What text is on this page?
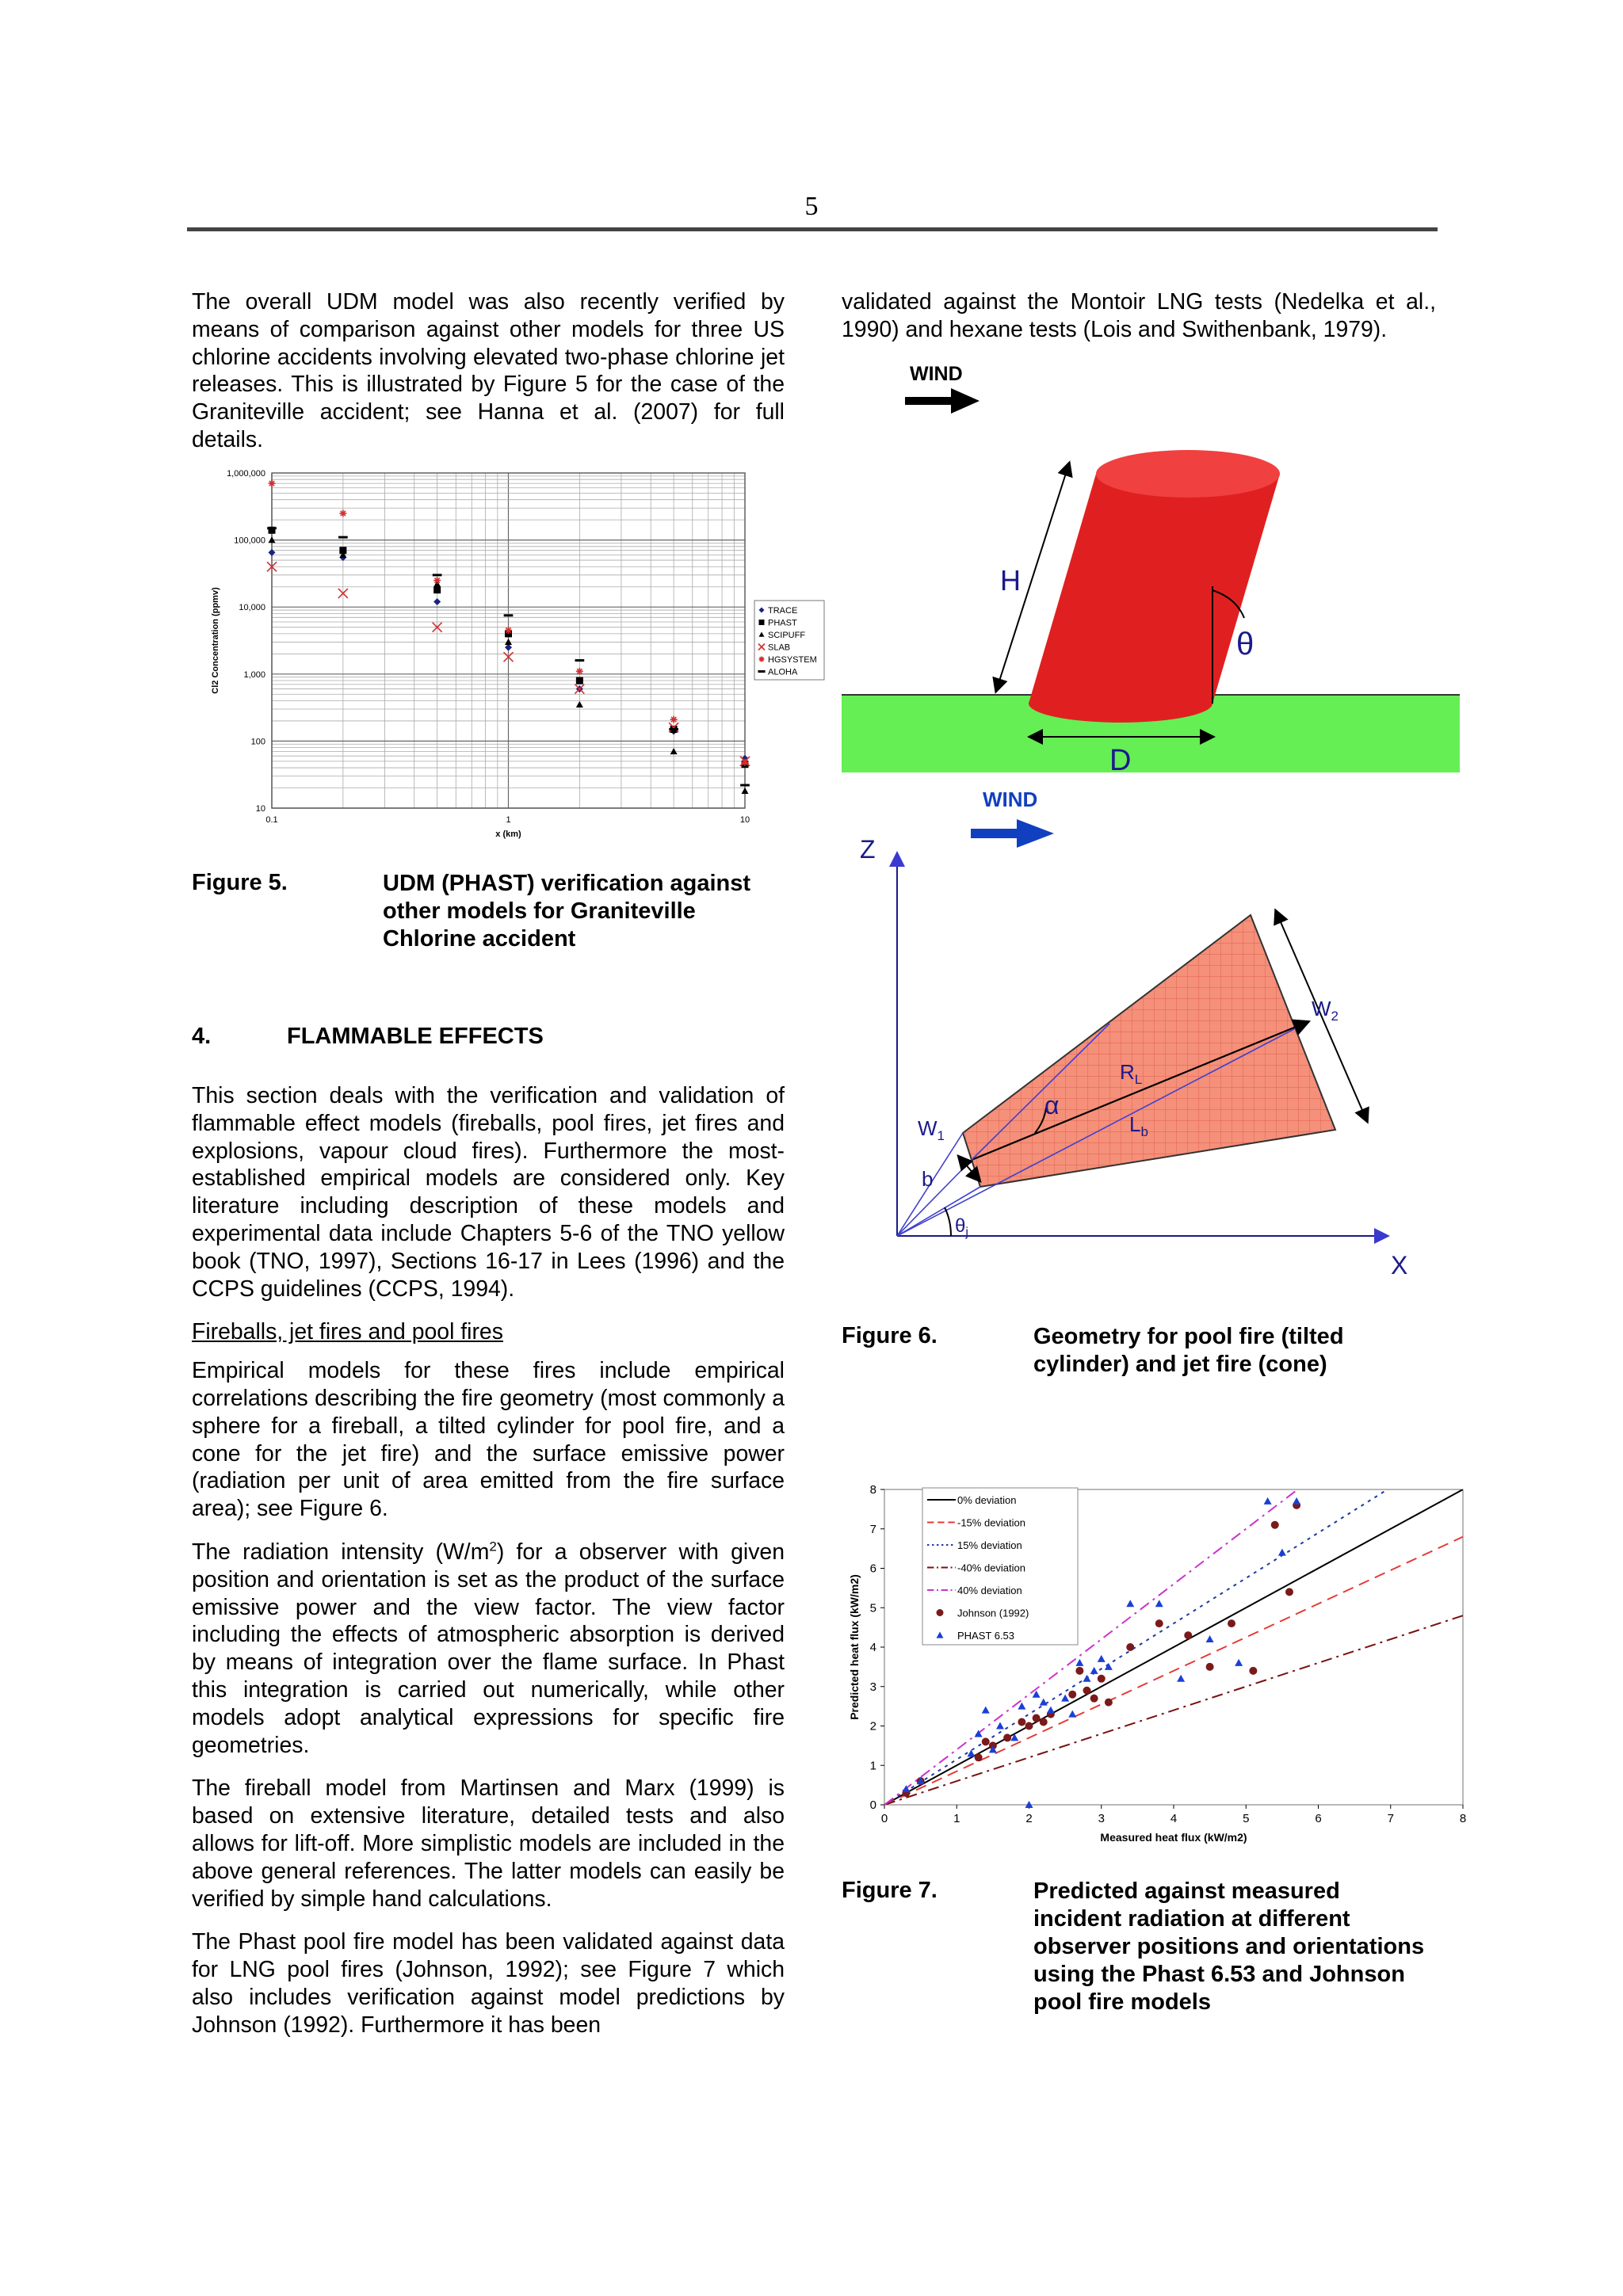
5
The overall UDM model was also recently verified by means of comparison against other models for three US chlorine accidents involving elevated two-phase chlorine jet releases. This is illustrated by Figure 5 for the case of the Graniteville accident; see Hanna et al. (2007) for full details.
10
100
1,000
10,000
100,000
1,000,000
0.1	1	10
x (km)
Cl2 Concentration (ppmv)	TRACE
PHAST
SCIPUFF
SLAB
HGSYSTEM
ALOHA
Figure 5.	UDM (PHAST) verification against other models for Graniteville Chlorine accident
4.	FLAMMABLE EFFECTS

This section deals with the verification and validation of flammable effect models (fireballs, pool fires, jet fires and explosions, vapour cloud fires). Furthermore the most-established empirical models are considered only. Key literature including description of these models and experimental data include Chapters 5-6 of the TNO yellow book (TNO, 1997), Sections 16-17 in Lees (1996) and the CCPS guidelines (CCPS, 1994).

Fireballs, jet fires and pool fires

Empirical models for these fires include empirical correlations describing the fire geometry (most commonly a sphere for a fireball, a tilted cylinder for pool fire, and a cone for the jet fire) and the surface emissive power (radiation per unit of area emitted from the fire surface area); see Figure 6.

The radiation intensity $(W/m^2)$ for a observer with given position and orientation is set as the product of the surface emissive power and the view factor. The view factor including the effects of atmospheric absorption is derived by means of integration over the flame surface. In Phast this integration is carried out numerically, while other models adopt analytical expressions for specific fire geometries.

The fireball model from Martinsen and Marx (1999) is based on extensive literature, detailed tests and also allows for lift-off. More simplistic models are included in the above general references. The latter models can easily be verified by simple hand calculations.

The Phast pool fire model has been validated against data for LNG pool fires (Johnson, 1992); see Figure 7 which also includes verification against model predictions by Johnson (1992). Furthermore it has been

validated against the Montoir LNG tests (Nedelka et al., 1990) and hexane tests (Lois and Swithenbank, 1979).
WIND
H
θ
D
WIND
Z
X
$W_1$
$W_2$
$R_L$
$L_b$
α
b
$\theta_j$
Figure 6.	Geometry for pool fire (tilted cylinder) and jet fire (cone)
0	1	2	3	4	5	6	7	8
0
1
2
3
4
5
6
7
8
Measured heat flux (kW/m2)
Predicted heat flux (kW/m2)
0% deviation
-15% deviation
15% deviation
-40% deviation
40% deviation
Johnson (1992)
PHAST 6.53
Figure 7.	Predicted against measured incident radiation at different observer positions and orientations using the Phast 6.53 and Johnson pool fire models
